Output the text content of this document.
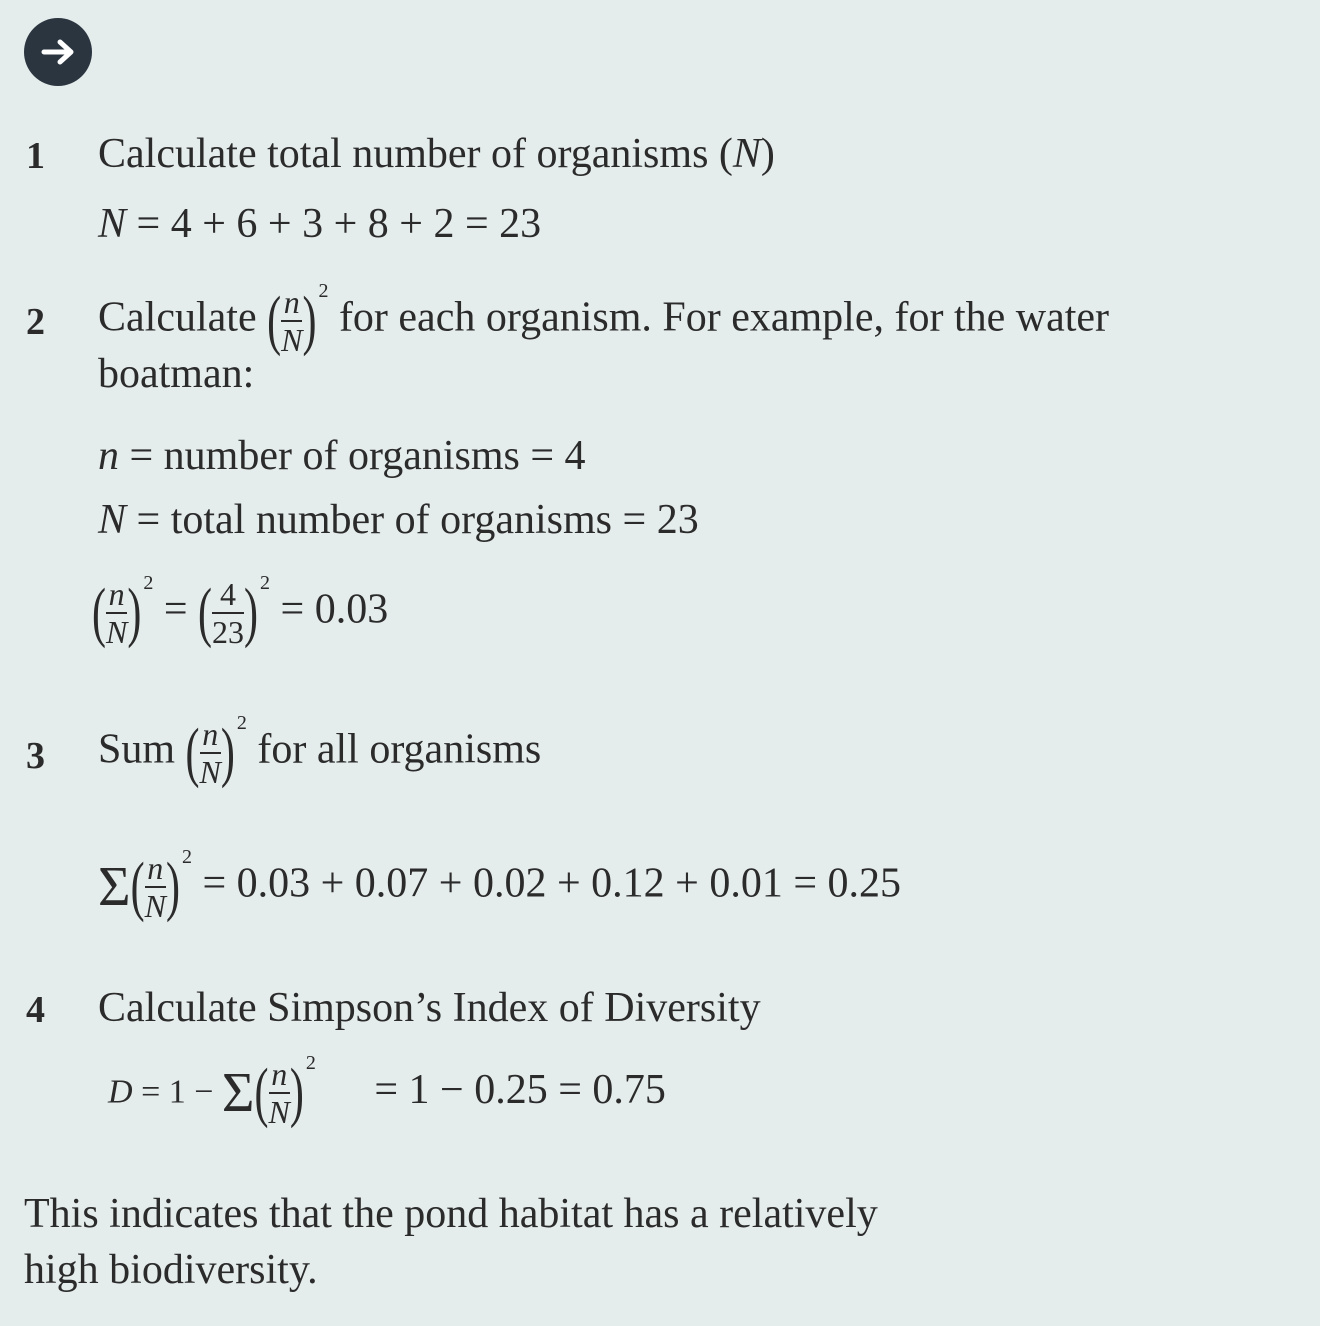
1 Calculate total number of organisms (N)
N = 4 + 6 + 3 + 8 + 2 = 23
2 Calculate ( $\frac{n}{N}$ ) $^2$ for each organism. For example, for the water
boatman:
n = number of organisms = 4
N = total number of organisms = 23
( $\frac{n}{N}$ ) $^2$ = ( $\frac{4}{23}$ ) $^2$ = 0.03
3 Sum ( $\frac{n}{N}$ ) $^2$ for all organisms
$\Sigma( \frac{n}{N}$ ) $^2$ = 0.03 + 0.07 + 0.02 + 0.12 + 0.01 = 0.25
4 Calculate Simpson’s Index of Diversity
$D = 1 - \Sigma( \frac{n}{N}$ ) $^2$ = 1 − 0.25 = 0.75
This indicates that the pond habitat has a relatively
high biodiversity.
